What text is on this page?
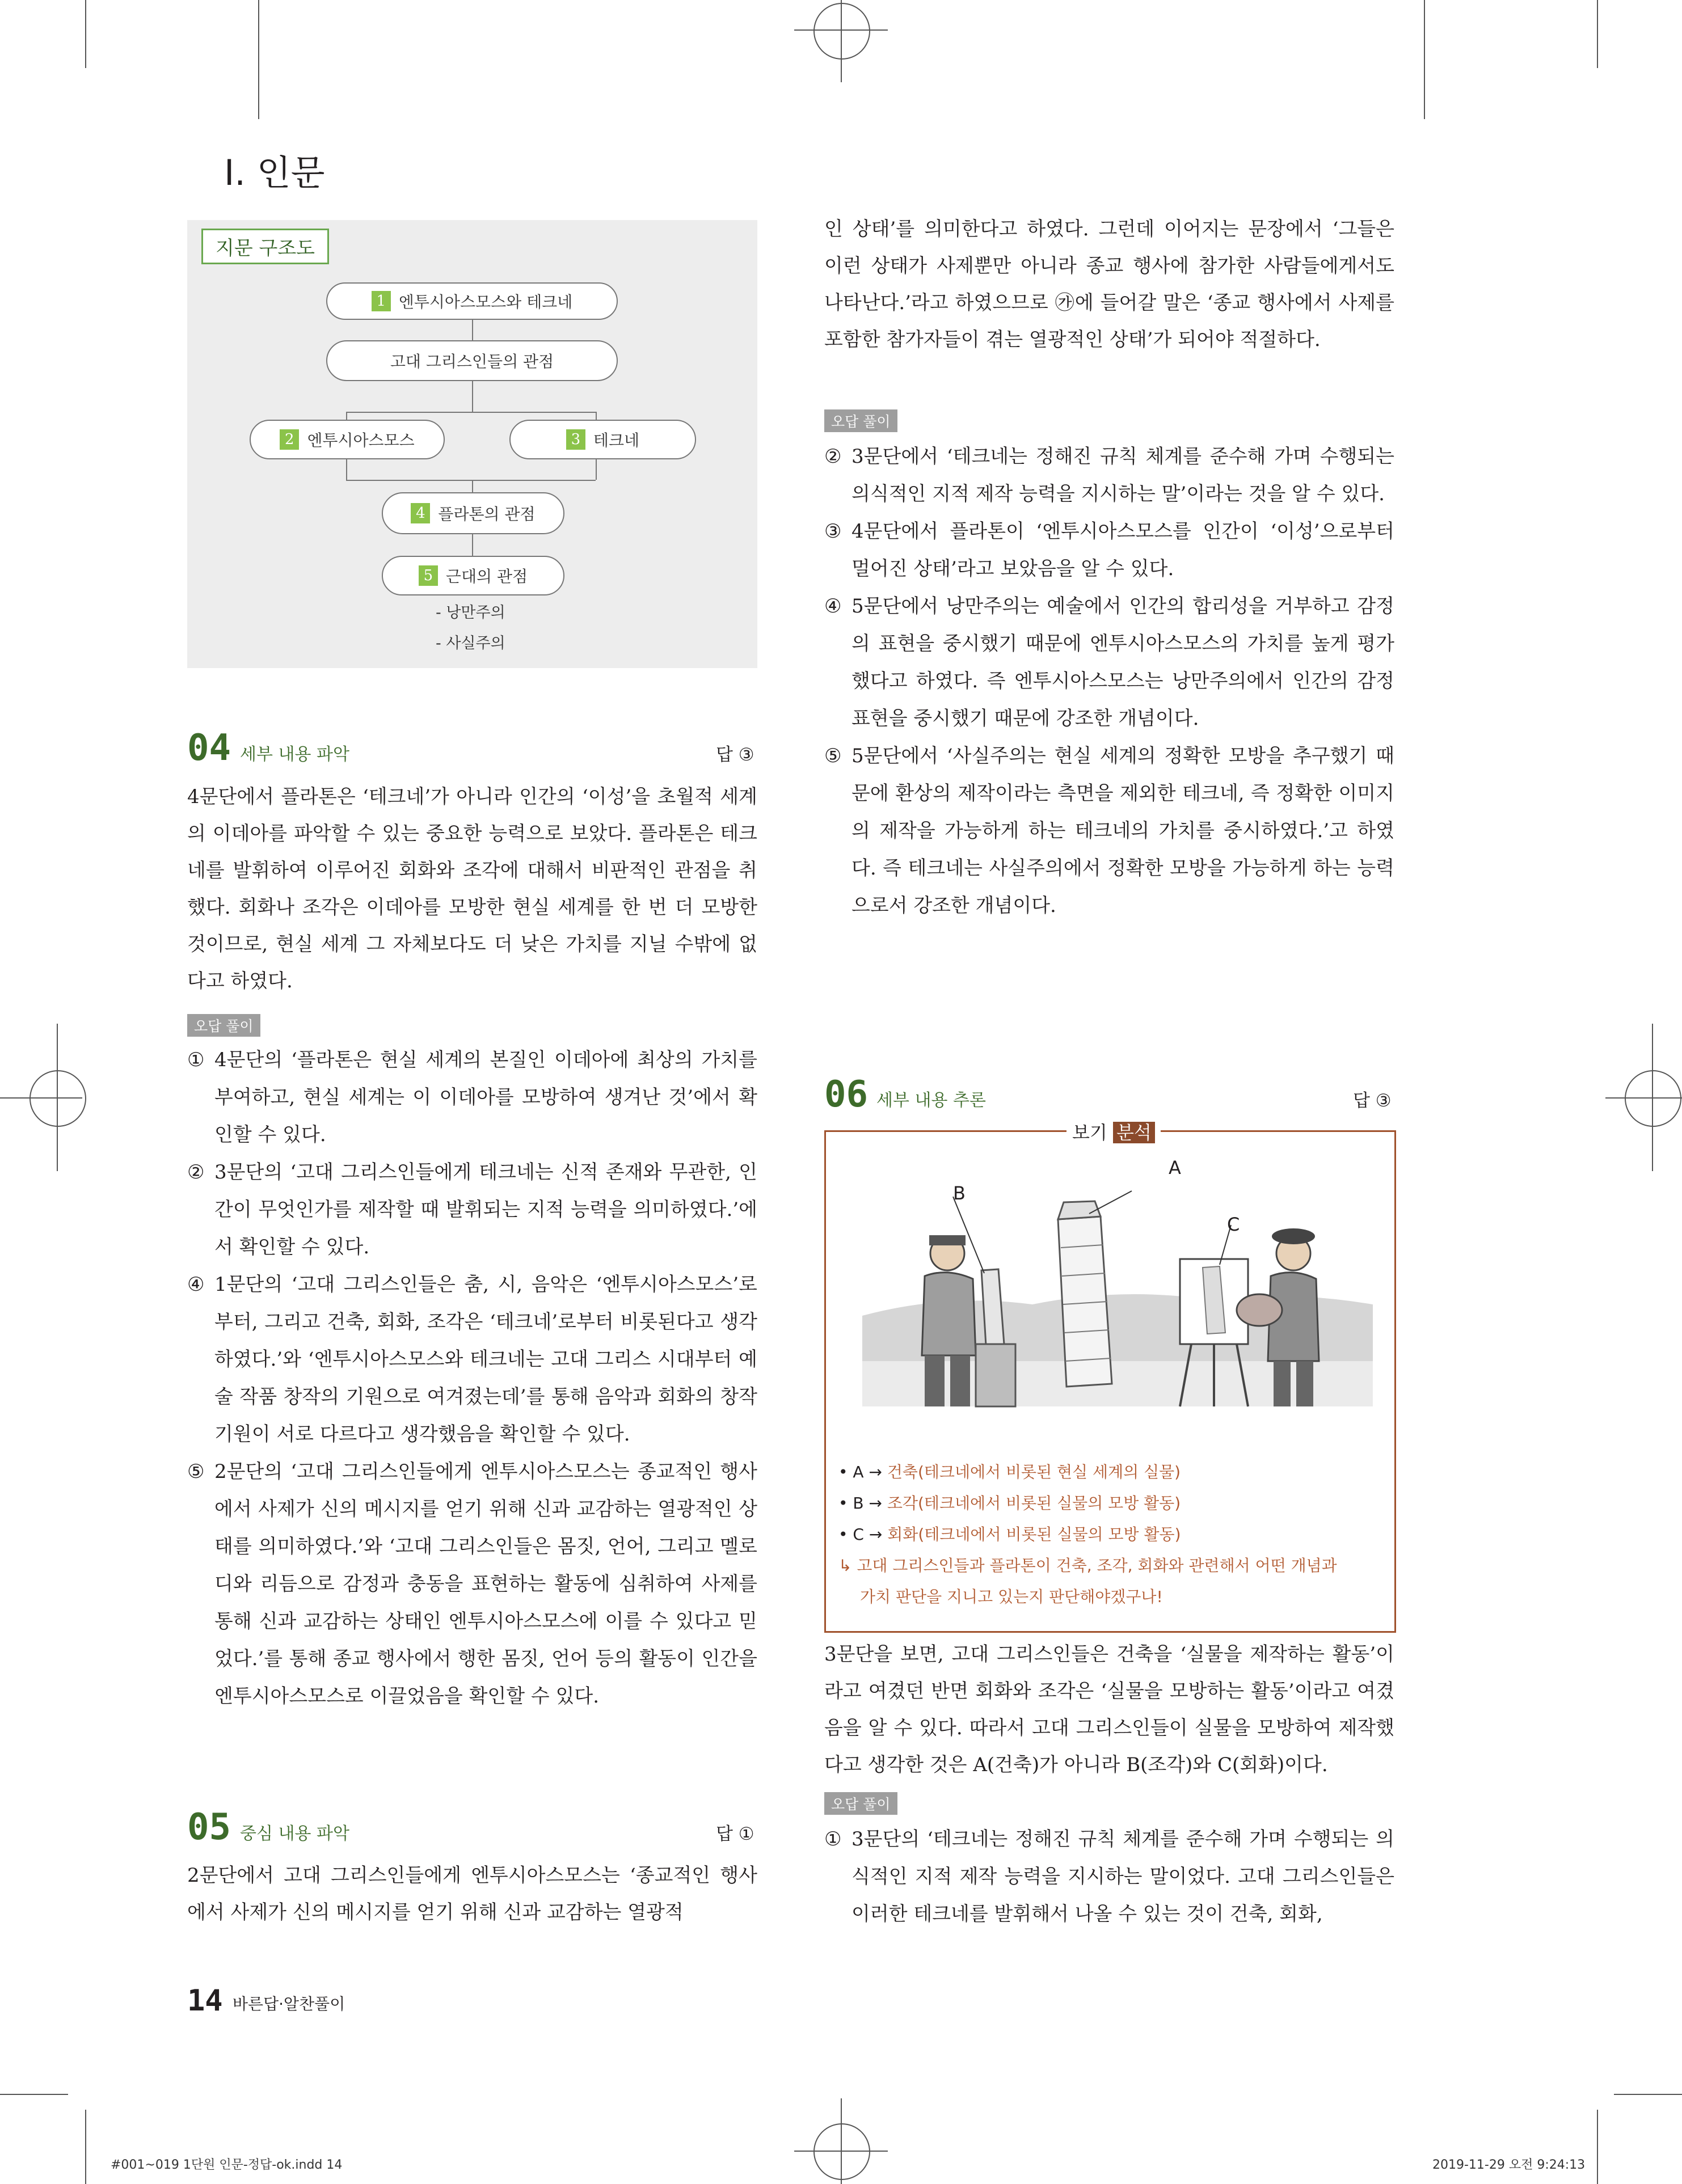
Ⅰ. 인문
지문 구조도
1 엔투시아스모스와 테크네
고대 그리스인들의 관점
2 엔투시아스모스	3 테크네
4 플라톤의 관점
5 근대의 관점
- 낭만주의
- 사실주의
04 세부 내용 파악	답 ③

4문단에서 플라톤은 ‘테크네’가 아니라 인간의 ‘이성’을 초월적 세계의 이데아를 파악할 수 있는 중요한 능력으로 보았다. 플라톤은 테크네를 발휘하여 이루어진 회화와 조각에 대해서 비판적인 관점을 취했다. 회화나 조각은 이데아를 모방한 현실 세계를 한 번 더 모방한 것이므로, 현실 세계 그 자체보다도 더 낮은 가치를 지닐 수밖에 없다고 하였다.

오답 풀이
① 4문단의 ‘플라톤은 현실 세계의 본질인 이데아에 최상의 가치를 부여하고, 현실 세계는 이 이데아를 모방하여 생겨난 것’에서 확인할 수 있다.
② 3문단의 ‘고대 그리스인들에게 테크네는 신적 존재와 무관한, 인간이 무엇인가를 제작할 때 발휘되는 지적 능력을 의미하였다.’에서 확인할 수 있다.
④ 1문단의 ‘고대 그리스인들은 춤, 시, 음악은 ‘엔투시아스모스’로부터, 그리고 건축, 회화, 조각은 ‘테크네’로부터 비롯된다고 생각하였다.’와 ‘엔투시아스모스와 테크네는 고대 그리스 시대부터 예술 작품 창작의 기원으로 여겨졌는데’를 통해 음악과 회화의 창작 기원이 서로 다르다고 생각했음을 확인할 수 있다.
⑤ 2문단의 ‘고대 그리스인들에게 엔투시아스모스는 종교적인 행사에서 사제가 신의 메시지를 얻기 위해 신과 교감하는 열광적인 상태를 의미하였다.’와 ‘고대 그리스인들은 몸짓, 언어, 그리고 멜로디와 리듬으로 감정과 충동을 표현하는 활동에 심취하여 사제를 통해 신과 교감하는 상태인 엔투시아스모스에 이를 수 있다고 믿었다.’를 통해 종교 행사에서 행한 몸짓, 언어 등의 활동이 인간을 엔투시아스모스로 이끌었음을 확인할 수 있다.
05 중심 내용 파악	답 ①

2문단에서 고대 그리스인들에게 엔투시아스모스는 ‘종교적인 행사에서 사제가 신의 메시지를 얻기 위해 신과 교감하는 열광적

인 상태’를 의미한다고 하였다. 그런데 이어지는 문장에서 ‘그들은 이런 상태가 사제뿐만 아니라 종교 행사에 참가한 사람들에게서도 나타난다.’라고 하였으므로 ㉮에 들어갈 말은 ‘종교 행사에서 사제를 포함한 참가자들이 겪는 열광적인 상태’가 되어야 적절하다.

오답 풀이
② 3문단에서 ‘테크네는 정해진 규칙 체계를 준수해 가며 수행되는 의식적인 지적 제작 능력을 지시하는 말’이라는 것을 알 수 있다.
③ 4문단에서 플라톤이 ‘엔투시아스모스를 인간이 ‘이성’으로부터 멀어진 상태’라고 보았음을 알 수 있다.
④ 5문단에서 낭만주의는 예술에서 인간의 합리성을 거부하고 감정의 표현을 중시했기 때문에 엔투시아스모스의 가치를 높게 평가했다고 하였다. 즉 엔투시아스모스는 낭만주의에서 인간의 감정 표현을 중시했기 때문에 강조한 개념이다.
⑤ 5문단에서 ‘사실주의는 현실 세계의 정확한 모방을 추구했기 때문에 환상의 제작이라는 측면을 제외한 테크네, 즉 정확한 이미지의 제작을 가능하게 하는 테크네의 가치를 중시하였다.’고 하였다. 즉 테크네는 사실주의에서 정확한 모방을 가능하게 하는 능력으로서 강조한 개념이다.
06 세부 내용 추론	답 ③
보기 분석
A
B
C
• A → 건축(테크네에서 비롯된 현실 세계의 실물)
• B → 조각(테크네에서 비롯된 실물의 모방 활동)
• C → 회화(테크네에서 비롯된 실물의 모방 활동)
↳ 고대 그리스인들과 플라톤이 건축, 조각, 회화와 관련해서 어떤 개념과
가치 판단을 지니고 있는지 판단해야겠구나!

3문단을 보면, 고대 그리스인들은 건축을 ‘실물을 제작하는 활동’이라고 여겼던 반면 회화와 조각은 ‘실물을 모방하는 활동’이라고 여겼음을 알 수 있다. 따라서 고대 그리스인들이 실물을 모방하여 제작했다고 생각한 것은 A(건축)가 아니라 B(조각)와 C(회화)이다.

오답 풀이
① 3문단의 ‘테크네는 정해진 규칙 체계를 준수해 가며 수행되는 의식적인 지적 제작 능력을 지시하는 말이었다. 고대 그리스인들은 이러한 테크네를 발휘해서 나올 수 있는 것이 건축, 회화,
14 바른답·알찬풀이
#001~019 1단원 인문-정답-ok.indd 14	2019-11-29 오전 9:24:13
